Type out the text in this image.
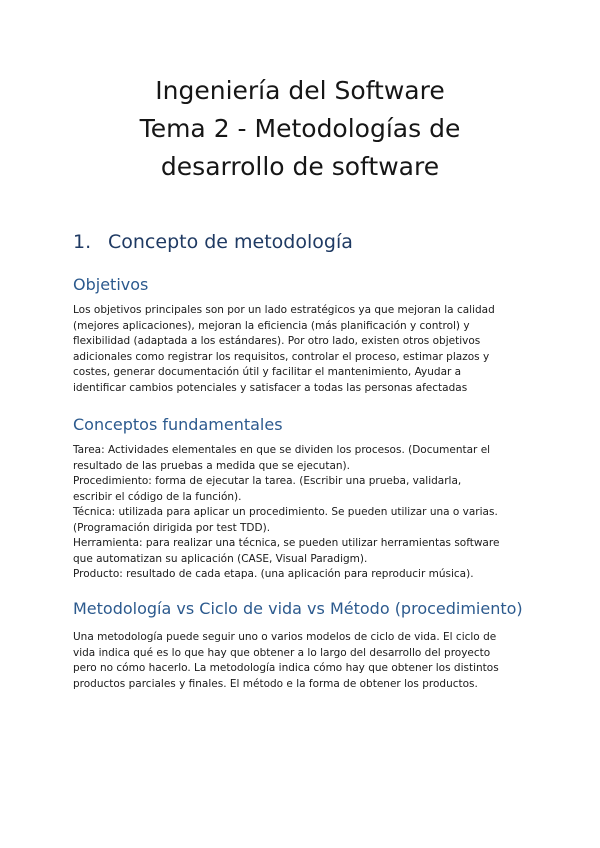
Ingeniería del Software
Tema 2 - Metodologías de
desarrollo de software
1. Concepto de metodología
Objetivos
Los objetivos principales son por un lado estratégicos ya que mejoran la calidad
(mejores aplicaciones), mejoran la eficiencia (más planificación y control) y
flexibilidad (adaptada a los estándares). Por otro lado, existen otros objetivos
adicionales como registrar los requisitos, controlar el proceso, estimar plazos y
costes, generar documentación útil y facilitar el mantenimiento, Ayudar a
identificar cambios potenciales y satisfacer a todas las personas afectadas
Conceptos fundamentales
Tarea: Actividades elementales en que se dividen los procesos. (Documentar el
resultado de las pruebas a medida que se ejecutan).
Procedimiento: forma de ejecutar la tarea. (Escribir una prueba, validarla,
escribir el código de la función).
Técnica: utilizada para aplicar un procedimiento. Se pueden utilizar una o varias.
(Programación dirigida por test TDD).
Herramienta: para realizar una técnica, se pueden utilizar herramientas software
que automatizan su aplicación (CASE, Visual Paradigm).
Producto: resultado de cada etapa. (una aplicación para reproducir música).
Metodología vs Ciclo de vida vs Método (procedimiento)
Una metodología puede seguir uno o varios modelos de ciclo de vida. El ciclo de
vida indica qué es lo que hay que obtener a lo largo del desarrollo del proyecto
pero no cómo hacerlo. La metodología indica cómo hay que obtener los distintos
productos parciales y finales. El método e la forma de obtener los productos.
